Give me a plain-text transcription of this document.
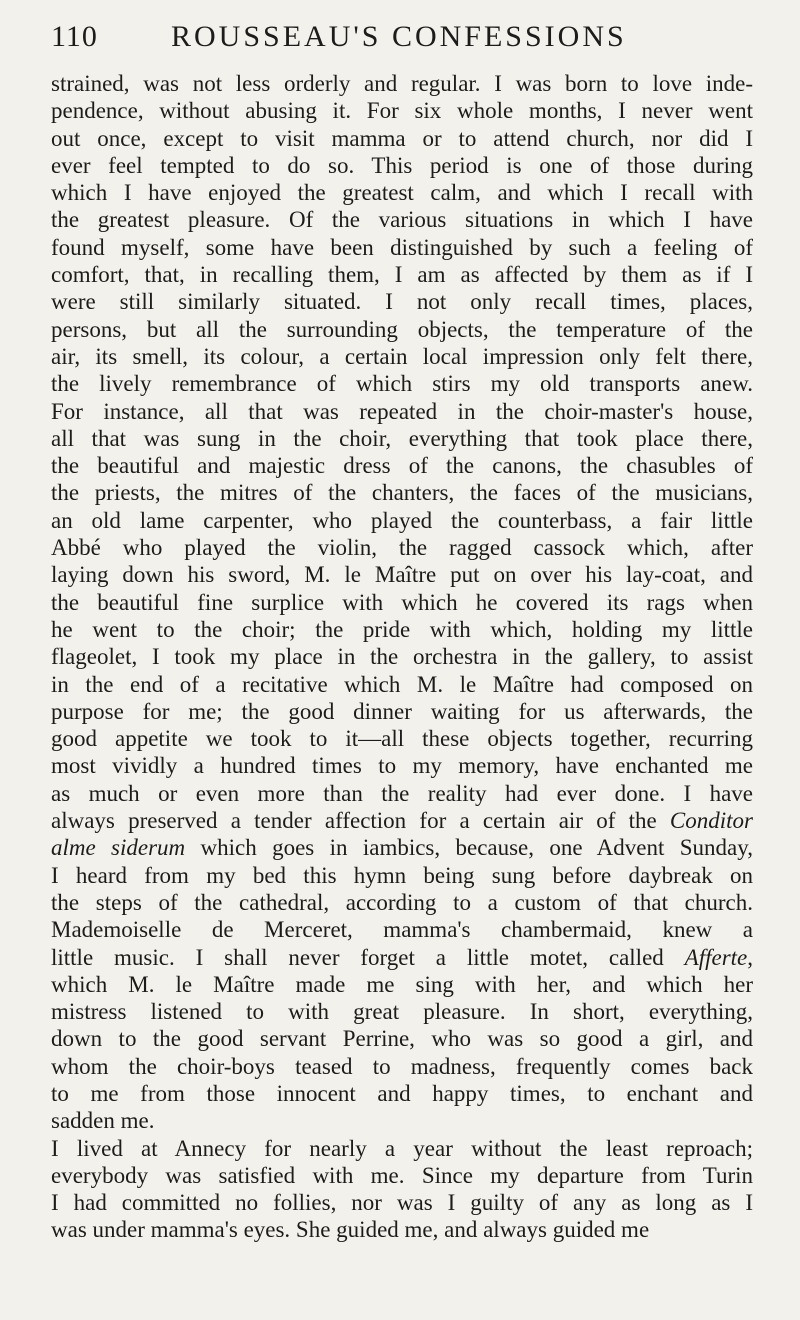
110 ROUSSEAU'S CONFESSIONS
strained, was not less orderly and regular. I was born to love inde-
pendence, without abusing it. For six whole months, I never went
out once, except to visit mamma or to attend church, nor did I
ever feel tempted to do so. This period is one of those during
which I have enjoyed the greatest calm, and which I recall with
the greatest pleasure. Of the various situations in which I have
found myself, some have been distinguished by such a feeling of
comfort, that, in recalling them, I am as affected by them as if I
were still similarly situated. I not only recall times, places,
persons, but all the surrounding objects, the temperature of the
air, its smell, its colour, a certain local impression only felt there,
the lively remembrance of which stirs my old transports anew.
For instance, all that was repeated in the choir-master's house,
all that was sung in the choir, everything that took place there,
the beautiful and majestic dress of the canons, the chasubles of
the priests, the mitres of the chanters, the faces of the musicians,
an old lame carpenter, who played the counterbass, a fair little
Abbé who played the violin, the ragged cassock which, after
laying down his sword, M. le Maître put on over his lay-coat, and
the beautiful fine surplice with which he covered its rags when
he went to the choir; the pride with which, holding my little
flageolet, I took my place in the orchestra in the gallery, to assist
in the end of a recitative which M. le Maître had composed on
purpose for me; the good dinner waiting for us afterwards, the
good appetite we took to it—all these objects together, recurring
most vividly a hundred times to my memory, have enchanted me
as much or even more than the reality had ever done. I have
always preserved a tender affection for a certain air of the Conditor
alme siderum which goes in iambics, because, one Advent Sunday,
I heard from my bed this hymn being sung before daybreak on
the steps of the cathedral, according to a custom of that church.
Mademoiselle de Merceret, mamma's chambermaid, knew a
little music. I shall never forget a little motet, called Afferte,
which M. le Maître made me sing with her, and which her
mistress listened to with great pleasure. In short, everything,
down to the good servant Perrine, who was so good a girl, and
whom the choir-boys teased to madness, frequently comes back
to me from those innocent and happy times, to enchant and
sadden me.
I lived at Annecy for nearly a year without the least reproach;
everybody was satisfied with me. Since my departure from Turin
I had committed no follies, nor was I guilty of any as long as I
was under mamma's eyes. She guided me, and always guided me
